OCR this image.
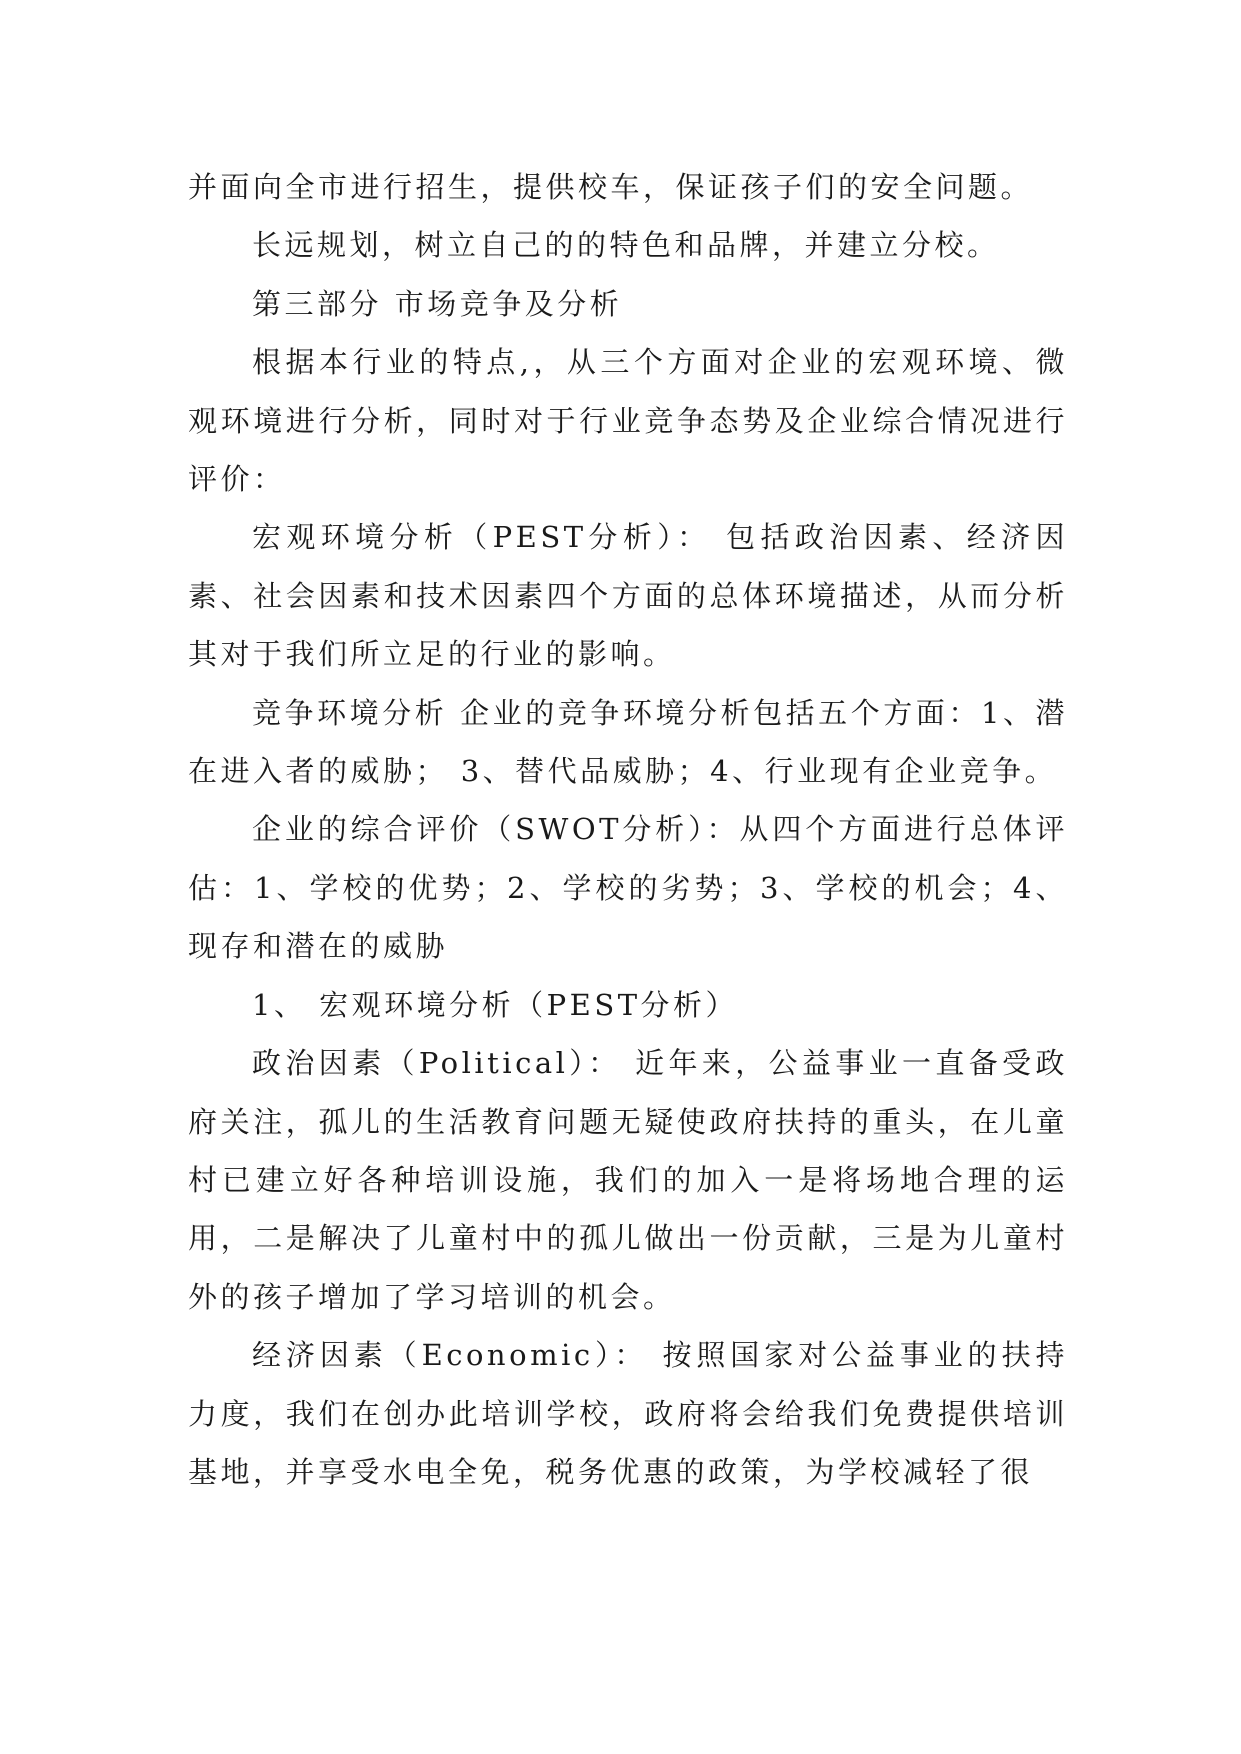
并面向全市进行招生，提供校车，保证孩子们的安全问题。

长远规划，树立自己的的特色和品牌，并建立分校。

第三部分 市场竞争及分析

根据本行业的特点,，从三个方面对企业的宏观环境、微观环境进行分析，同时对于行业竞争态势及企业综合情况进行评价：

宏观环境分析（PEST分析）： 包括政治因素、经济因素、社会因素和技术因素四个方面的总体环境描述，从而分析其对于我们所立足的行业的影响。

竞争环境分析 企业的竞争环境分析包括五个方面：1、潜在进入者的威胁； 3、替代品威胁；4、行业现有企业竞争。

企业的综合评价（SWOT分析）：从四个方面进行总体评估：1、学校的优势；2、学校的劣势；3、学校的机会；4、现存和潜在的威胁

1、 宏观环境分析（PEST分析）

政治因素（Political）： 近年来，公益事业一直备受政府关注，孤儿的生活教育问题无疑使政府扶持的重头，在儿童村已建立好各种培训设施，我们的加入一是将场地合理的运用，二是解决了儿童村中的孤儿做出一份贡献，三是为儿童村外的孩子增加了学习培训的机会。

经济因素（Economic）： 按照国家对公益事业的扶持力度，我们在创办此培训学校，政府将会给我们免费提供培训基地，并享受水电全免，税务优惠的政策，为学校减轻了很
